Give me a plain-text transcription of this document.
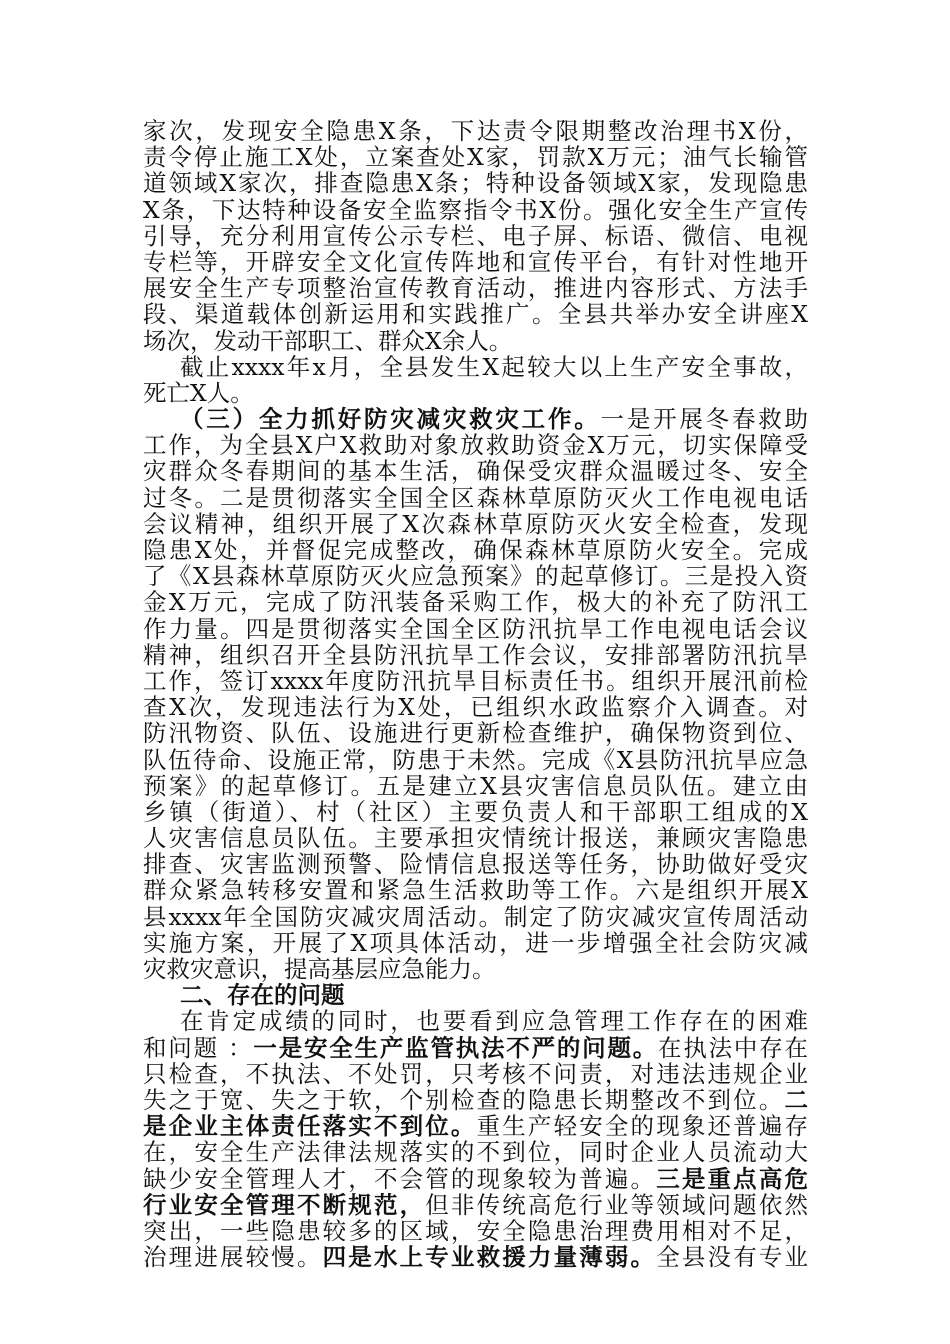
家次，发现安全隐患X条，下达责令限期整改治理书X份，
责令停止施工X处，立案查处X家，罚款X万元；油气长输管
道领域X家次，排查隐患X条；特种设备领域X家，发现隐患
X条，下达特种设备安全监察指令书X份。强化安全生产宣传
引导，充分利用宣传公示专栏、电子屏、标语、微信、电视
专栏等，开辟安全文化宣传阵地和宣传平台，有针对性地开
展安全生产专项整治宣传教育活动，推进内容形式、方法手
段、渠道载体创新运用和实践推广。全县共举办安全讲座X
场次，发动干部职工、群众X余人。
截止xxxx年x月，全县发生X起较大以上生产安全事故，
死亡X人。
（三）全力抓好防灾减灾救灾工作。一是开展冬春救助
工作，为全县X户X救助对象放救助资金X万元，切实保障受
灾群众冬春期间的基本生活，确保受灾群众温暖过冬、安全
过冬。二是贯彻落实全国全区森林草原防灭火工作电视电话
会议精神，组织开展了X次森林草原防灭火安全检查，发现
隐患X处，并督促完成整改，确保森林草原防火安全。完成
了《X县森林草原防灭火应急预案》的起草修订。三是投入资
金X万元，完成了防汛装备采购工作，极大的补充了防汛工
作力量。四是贯彻落实全国全区防汛抗旱工作电视电话会议
精神，组织召开全县防汛抗旱工作会议，安排部署防汛抗旱
工作，签订xxxx年度防汛抗旱目标责任书。组织开展汛前检
查X次，发现违法行为X处，已组织水政监察介入调查。对
防汛物资、队伍、设施进行更新检查维护，确保物资到位、
队伍待命、设施正常，防患于未然。完成《X县防汛抗旱应急
预案》的起草修订。五是建立X县灾害信息员队伍。建立由
乡镇（街道）、村（社区）主要负责人和干部职工组成的X
人灾害信息员队伍。主要承担灾情统计报送，兼顾灾害隐患
排查、灾害监测预警、险情信息报送等任务，协助做好受灾
群众紧急转移安置和紧急生活救助等工作。六是组织开展X
县xxxx年全国防灾减灾周活动。制定了防灾减灾宣传周活动
实施方案，开展了X项具体活动，进一步增强全社会防灾减
灾救灾意识，提高基层应急能力。
二、存在的问题
在肯定成绩的同时，也要看到应急管理工作存在的困难
和问题 ：一是安全生产监管执法不严的问题。在执法中存在
只检查，不执法、不处罚，只考核不问责，对违法违规企业
失之于宽、失之于软，个别检查的隐患长期整改不到位。二
是企业主体责任落实不到位。重生产轻安全的现象还普遍存
在，安全生产法律法规落实的不到位，同时企业人员流动大
缺少安全管理人才，不会管的现象较为普遍。三是重点高危
行业安全管理不断规范，但非传统高危行业等领域问题依然
突出，一些隐患较多的区域，安全隐患治理费用相对不足，
治理进展较慢。四是水上专业救援力量薄弱。全县没有专业
